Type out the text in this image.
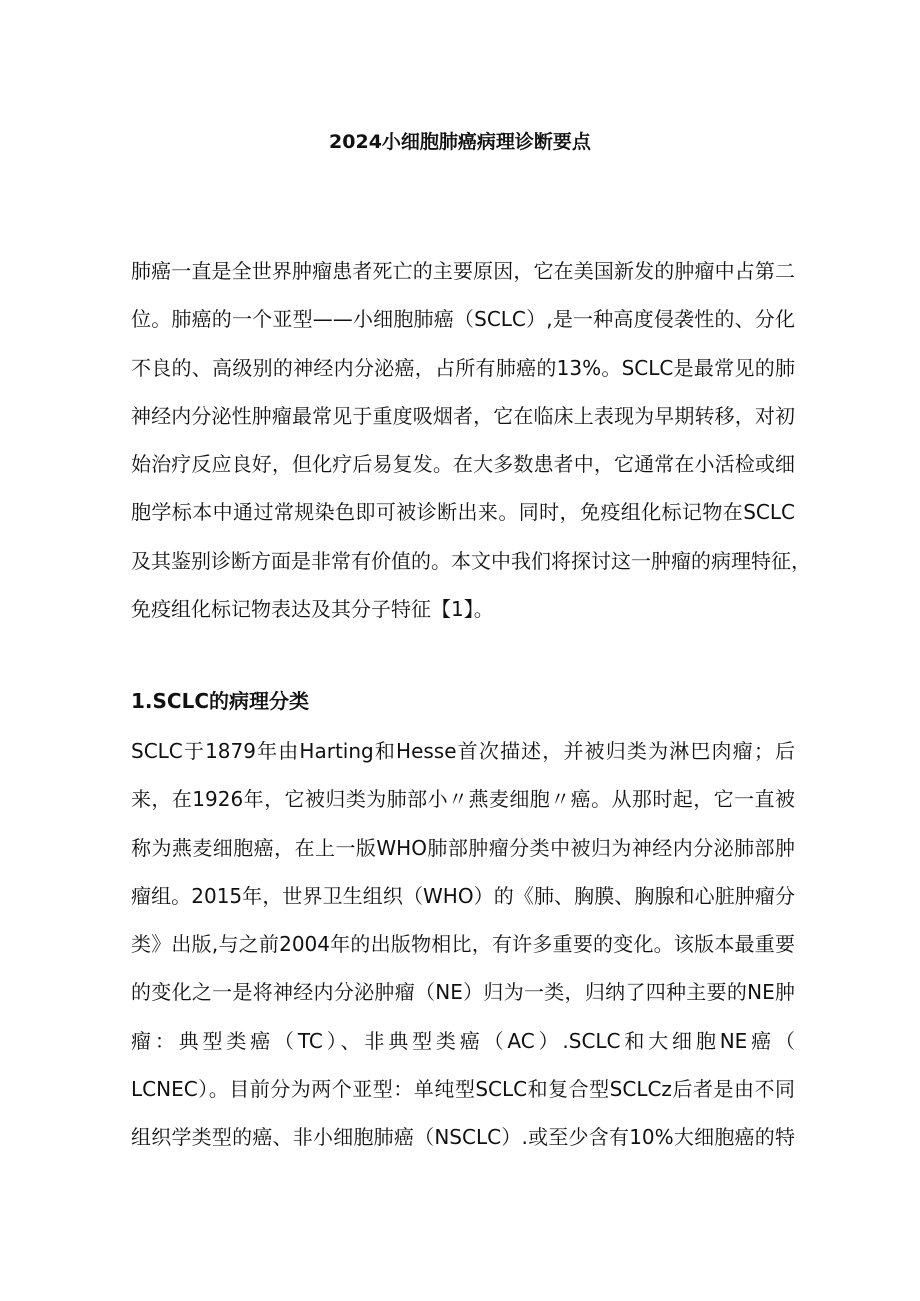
2024小细胞肺癌病理诊断要点

肺癌一直是全世界肿瘤患者死亡的主要原因，它在美国新发的肿瘤中占第二
位。肺癌的一个亚型——小细胞肺癌（SCLC）,是一种高度侵袭性的、分化
不良的、高级别的神经内分泌癌，占所有肺癌的13%。SCLC是最常见的肺
神经内分泌性肿瘤最常见于重度吸烟者，它在临床上表现为早期转移，对初
始治疗反应良好，但化疗后易复发。在大多数患者中，它通常在小活检或细
胞学标本中通过常规染色即可被诊断出来。同时，免疫组化标记物在SCLC
及其鉴别诊断方面是非常有价值的。本文中我们将探讨这一肿瘤的病理特征，
免疫组化标记物表达及其分子特征【1】。

1.SCLC的病理分类

SCLC于1879年由Harting和Hesse首次描述，并被归类为淋巴肉瘤；后
来，在1926年，它被归类为肺部小〃燕麦细胞〃癌。从那时起，它一直被
称为燕麦细胞癌，在上一版WHO肺部肿瘤分类中被归为神经内分泌肺部肿
瘤组。2015年，世界卫生组织（WHO）的《肺、胸膜、胸腺和心脏肿瘤分
类》出版,与之前2004年的出版物相比，有许多重要的变化。该版本最重要
的变化之一是将神经内分泌肿瘤（NE）归为一类，归纳了四种主要的NE肿
瘤：典型类癌（TC）、非典型类癌（AC）.SCLC和大细胞NE癌（
LCNEC）。目前分为两个亚型：单纯型SCLC和复合型SCLCz后者是由不同
组织学类型的癌、非小细胞肺癌（NSCLC）.或至少含有10%大细胞癌的特
